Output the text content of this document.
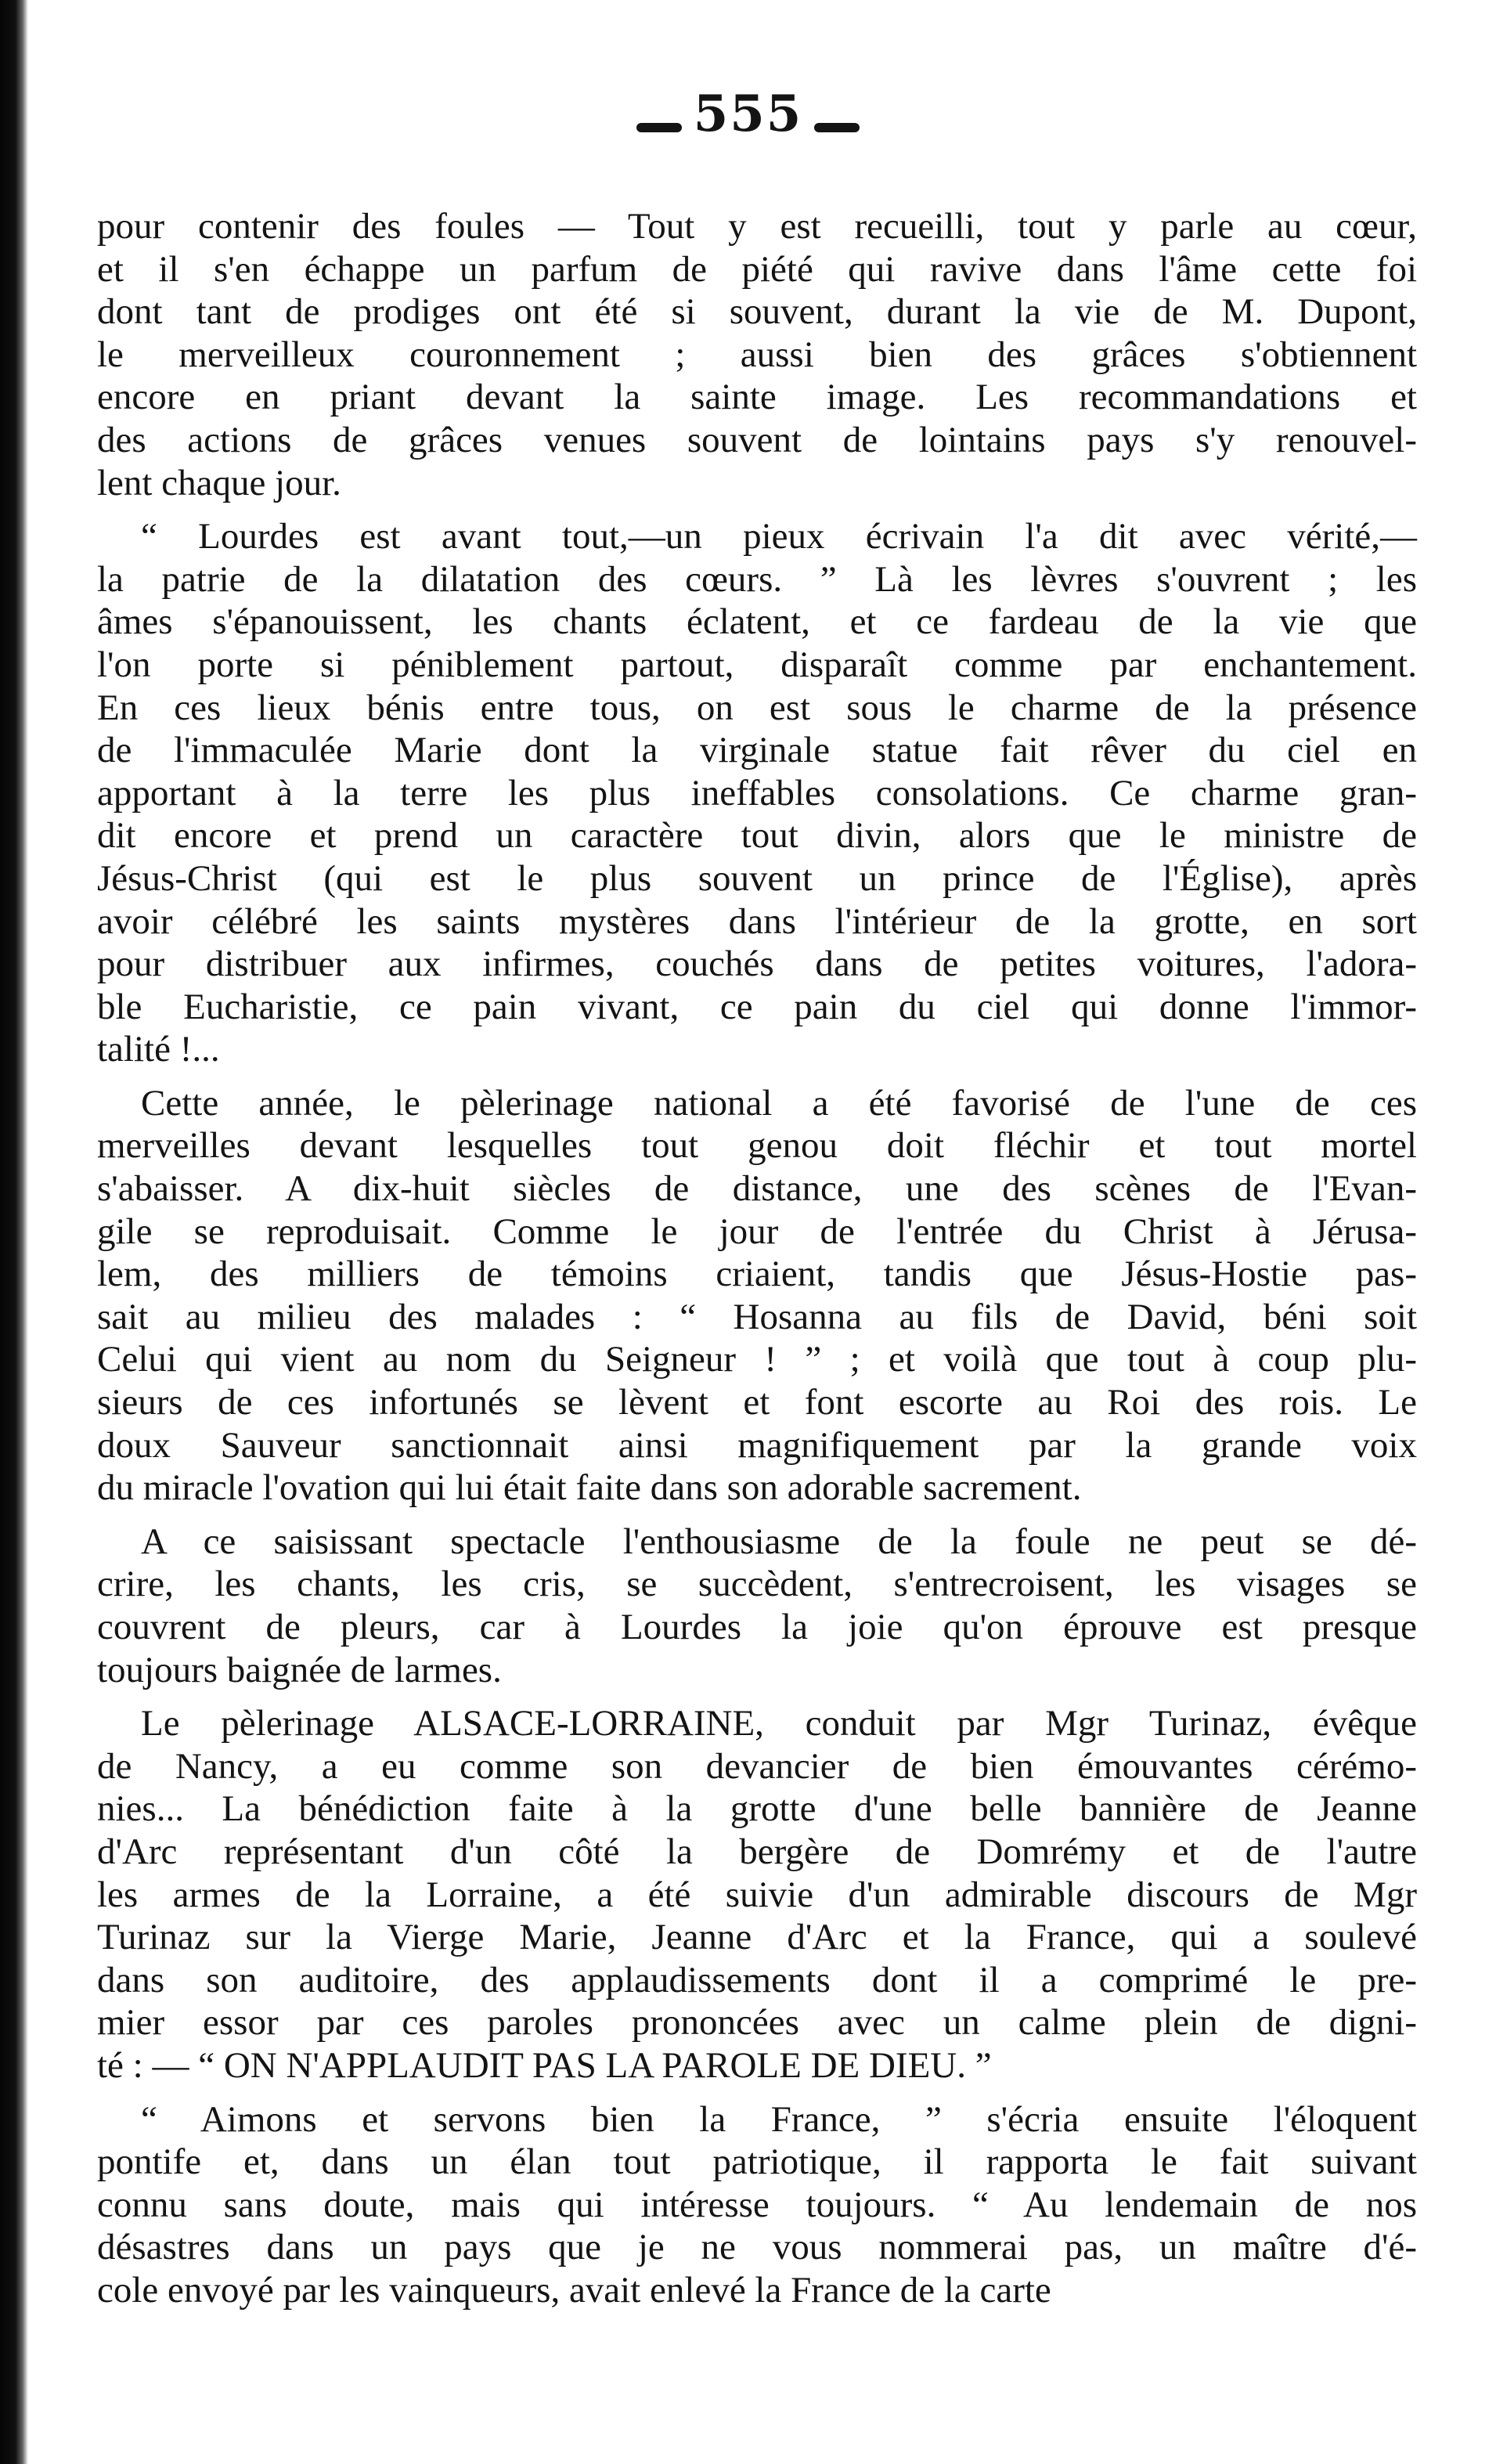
555
pour contenir des foules — Tout y est recueilli, tout y parle au cœur,
et il s'en échappe un parfum de piété qui ravive dans l'âme cette foi
dont tant de prodiges ont été si souvent, durant la vie de M. Dupont,
le merveilleux couronnement ; aussi bien des grâces s'obtiennent
encore en priant devant la sainte image. Les recommandations et
des actions de grâces venues souvent de lointains pays s'y renouvel-
lent chaque jour.
“ Lourdes est avant tout,—un pieux écrivain l'a dit avec vérité,—
la patrie de la dilatation des cœurs. ” Là les lèvres s'ouvrent ; les
âmes s'épanouissent, les chants éclatent, et ce fardeau de la vie que
l'on porte si péniblement partout, disparaît comme par enchantement.
En ces lieux bénis entre tous, on est sous le charme de la présence
de l'immaculée Marie dont la virginale statue fait rêver du ciel en
apportant à la terre les plus ineffables consolations. Ce charme gran-
dit encore et prend un caractère tout divin, alors que le ministre de
Jésus-Christ (qui est le plus souvent un prince de l'Église), après
avoir célébré les saints mystères dans l'intérieur de la grotte, en sort
pour distribuer aux infirmes, couchés dans de petites voitures, l'adora-
ble Eucharistie, ce pain vivant, ce pain du ciel qui donne l'immor-
talité !...
Cette année, le pèlerinage national a été favorisé de l'une de ces
merveilles devant lesquelles tout genou doit fléchir et tout mortel
s'abaisser. A dix-huit siècles de distance, une des scènes de l'Evan-
gile se reproduisait. Comme le jour de l'entrée du Christ à Jérusa-
lem, des milliers de témoins criaient, tandis que Jésus-Hostie pas-
sait au milieu des malades : “ Hosanna au fils de David, béni soit
Celui qui vient au nom du Seigneur ! ” ; et voilà que tout à coup plu-
sieurs de ces infortunés se lèvent et font escorte au Roi des rois. Le
doux Sauveur sanctionnait ainsi magnifiquement par la grande voix
du miracle l'ovation qui lui était faite dans son adorable sacrement.
A ce saisissant spectacle l'enthousiasme de la foule ne peut se dé-
crire, les chants, les cris, se succèdent, s'entrecroisent, les visages se
couvrent de pleurs, car à Lourdes la joie qu'on éprouve est presque
toujours baignée de larmes.
Le pèlerinage ALSACE-LORRAINE, conduit par Mgr Turinaz, évêque
de Nancy, a eu comme son devancier de bien émouvantes cérémo-
nies... La bénédiction faite à la grotte d'une belle bannière de Jeanne
d'Arc représentant d'un côté la bergère de Domrémy et de l'autre
les armes de la Lorraine, a été suivie d'un admirable discours de Mgr
Turinaz sur la Vierge Marie, Jeanne d'Arc et la France, qui a soulevé
dans son auditoire, des applaudissements dont il a comprimé le pre-
mier essor par ces paroles prononcées avec un calme plein de digni-
té : — “ ON N'APPLAUDIT PAS LA PAROLE DE DIEU. ”
“ Aimons et servons bien la France, ” s'écria ensuite l'éloquent
pontife et, dans un élan tout patriotique, il rapporta le fait suivant
connu sans doute, mais qui intéresse toujours. “ Au lendemain de nos
désastres dans un pays que je ne vous nommerai pas, un maître d'é-
cole envoyé par les vainqueurs, avait enlevé la France de la carte
